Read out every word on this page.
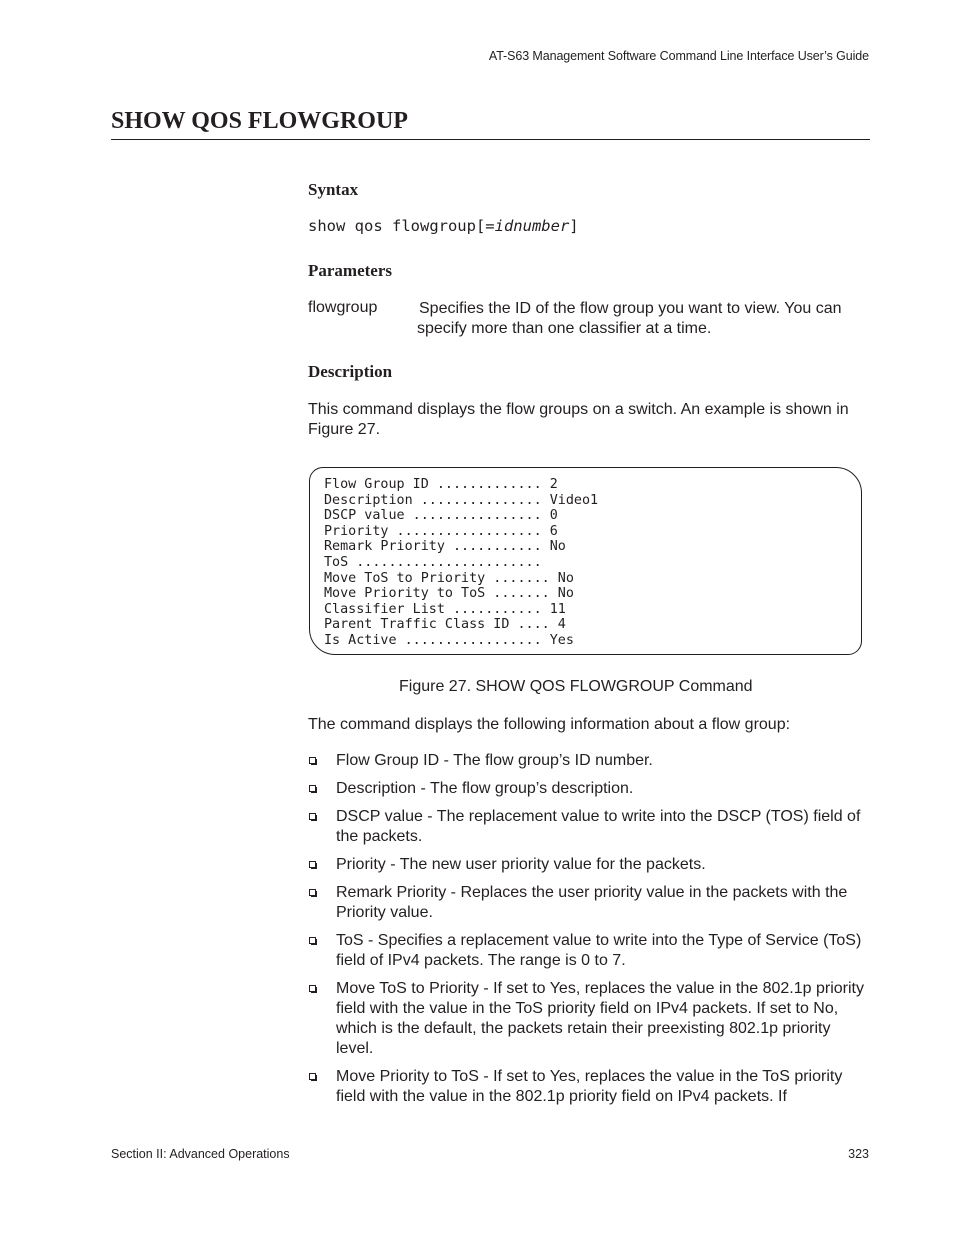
AT-S63 Management Software Command Line Interface User’s Guide
SHOW QOS FLOWGROUP
Syntax
show qos flowgroup[=idnumber]
Parameters
flowgroup	Specifies the ID of the flow group you want to view. You can specify more than one classifier at a time.
Description

This command displays the flow groups on a switch. An example is shown in Figure 27.

Flow Group ID ............. 2
Description ............... Video1
DSCP value ................ 0
Priority .................. 6
Remark Priority ........... No
ToS .......................
Move ToS to Priority ....... No
Move Priority to ToS ....... No
Classifier List ........... 11
Parent Traffic Class ID .... 4
Is Active ................. Yes
Figure 27. SHOW QOS FLOWGROUP Command

The command displays the following information about a flow group:

Flow Group ID - The flow group’s ID number.
Description - The flow group’s description.
DSCP value - The replacement value to write into the DSCP (TOS) field of the packets.
Priority - The new user priority value for the packets.
Remark Priority - Replaces the user priority value in the packets with the Priority value.
ToS - Specifies a replacement value to write into the Type of Service (ToS) field of IPv4 packets. The range is 0 to 7.
Move ToS to Priority - If set to Yes, replaces the value in the 802.1p priority field with the value in the ToS priority field on IPv4 packets. If set to No, which is the default, the packets retain their preexisting 802.1p priority level.
Move Priority to ToS - If set to Yes, replaces the value in the ToS priority field with the value in the 802.1p priority field on IPv4 packets. If
Section II: Advanced Operations	323
